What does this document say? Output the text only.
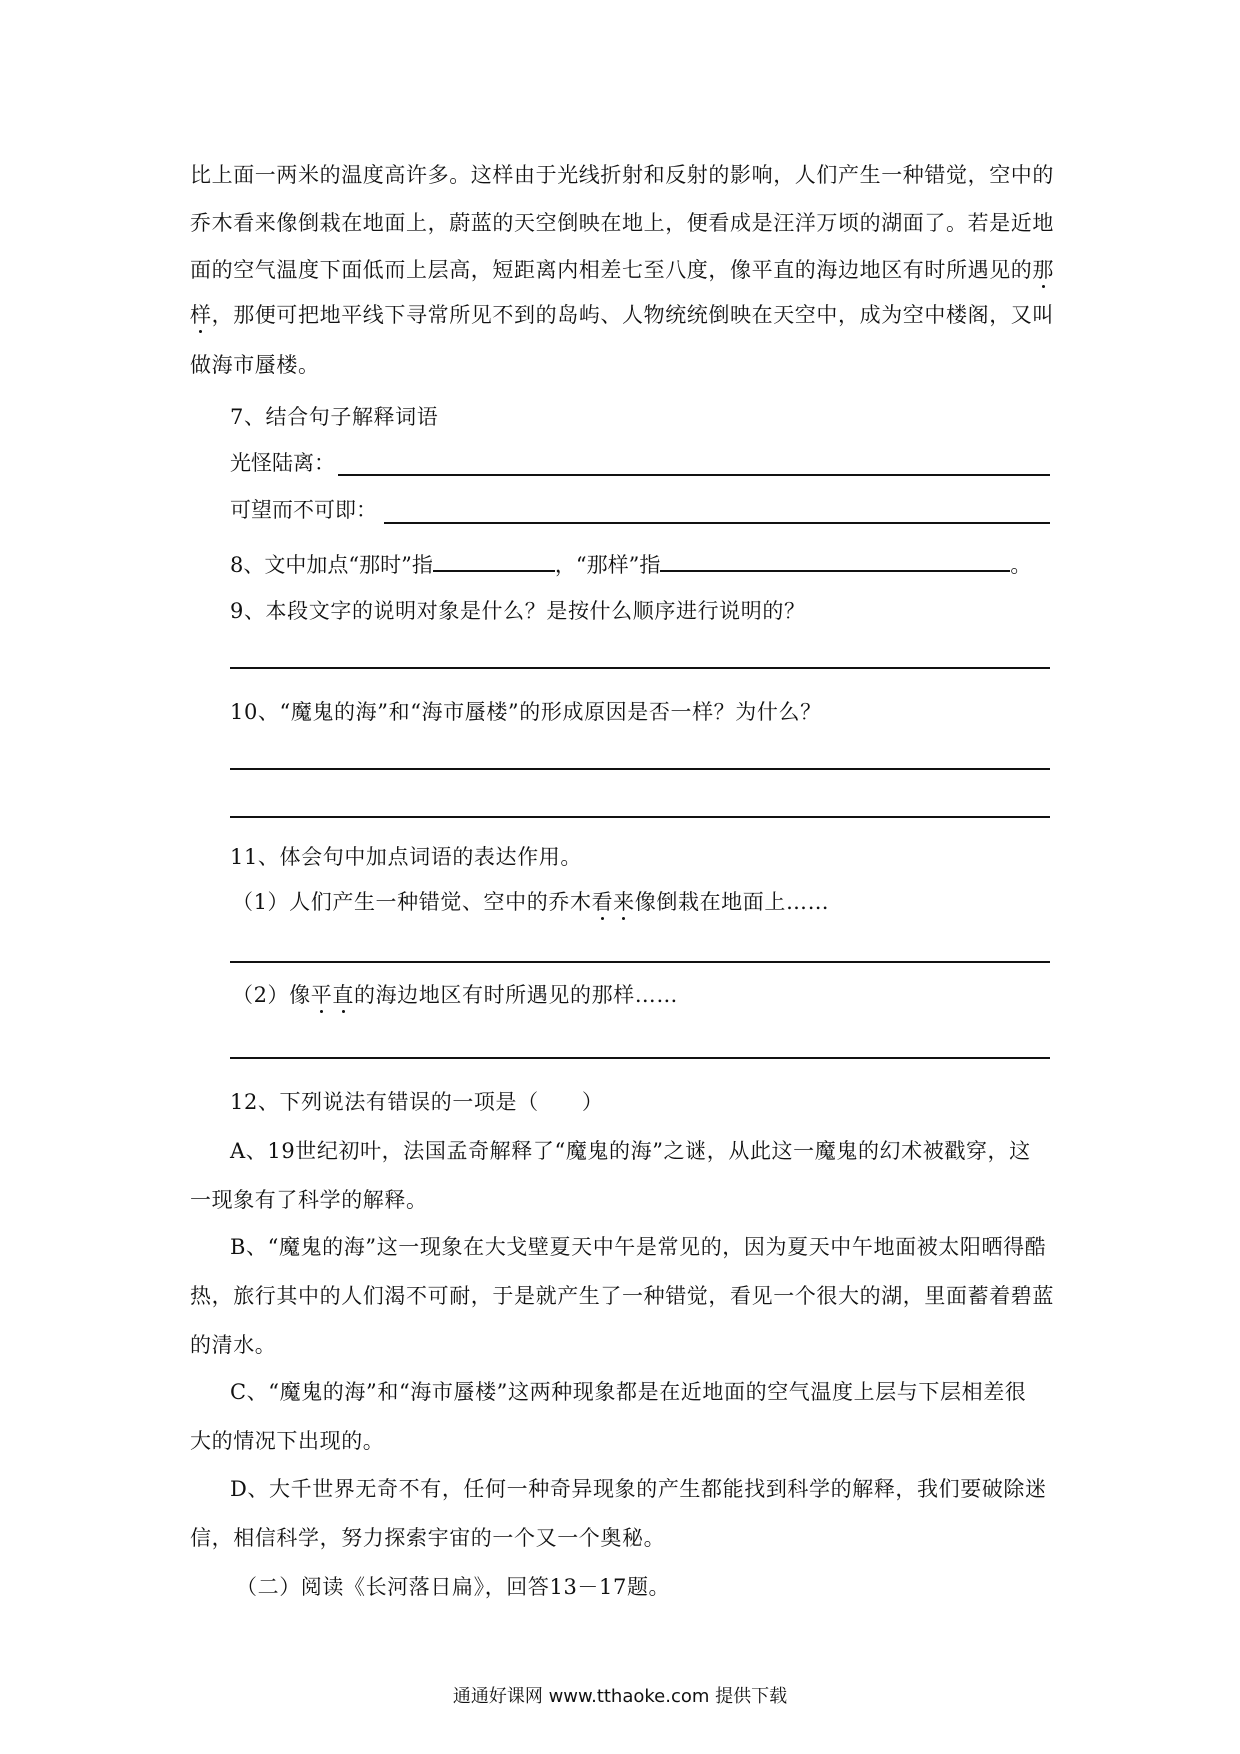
比上面一两米的温度高许多。这样由于光线折射和反射的影响，人们产生一种错觉，空中的
乔木看来像倒栽在地面上，蔚蓝的天空倒映在地上，便看成是汪洋万顷的湖面了。若是近地
面的空气温度下面低而上层高，短距离内相差七至八度，像平直的海边地区有时所遇见的那
样，那便可把地平线下寻常所见不到的岛屿、人物统统倒映在天空中，成为空中楼阁，又叫
做海市蜃楼。
7、结合句子解释词语
光怪陆离：
可望而不可即：
8、文中加点“那时”指	，“那样”指	。
9、本段文字的说明对象是什么？是按什么顺序进行说明的？
10、“魔鬼的海”和“海市蜃楼”的形成原因是否一样？为什么？
11、体会句中加点词语的表达作用。
（1）人们产生一种错觉、空中的乔木看来像倒栽在地面上……
（2）像平直的海边地区有时所遇见的那样……
12、下列说法有错误的一项是（　　）
A、19世纪初叶，法国孟奇解释了“魔鬼的海”之谜，从此这一魔鬼的幻术被戳穿，这
一现象有了科学的解释。
B、“魔鬼的海”这一现象在大戈壁夏天中午是常见的，因为夏天中午地面被太阳晒得酷
热，旅行其中的人们渴不可耐，于是就产生了一种错觉，看见一个很大的湖，里面蓄着碧蓝
的清水。
C、“魔鬼的海”和“海市蜃楼”这两种现象都是在近地面的空气温度上层与下层相差很
大的情况下出现的。
D、大千世界无奇不有，任何一种奇异现象的产生都能找到科学的解释，我们要破除迷
信，相信科学，努力探索宇宙的一个又一个奥秘。
（二）阅读《长河落日扁》，回答13－17题。
通通好课网 www.tthaoke.com 提供下载
